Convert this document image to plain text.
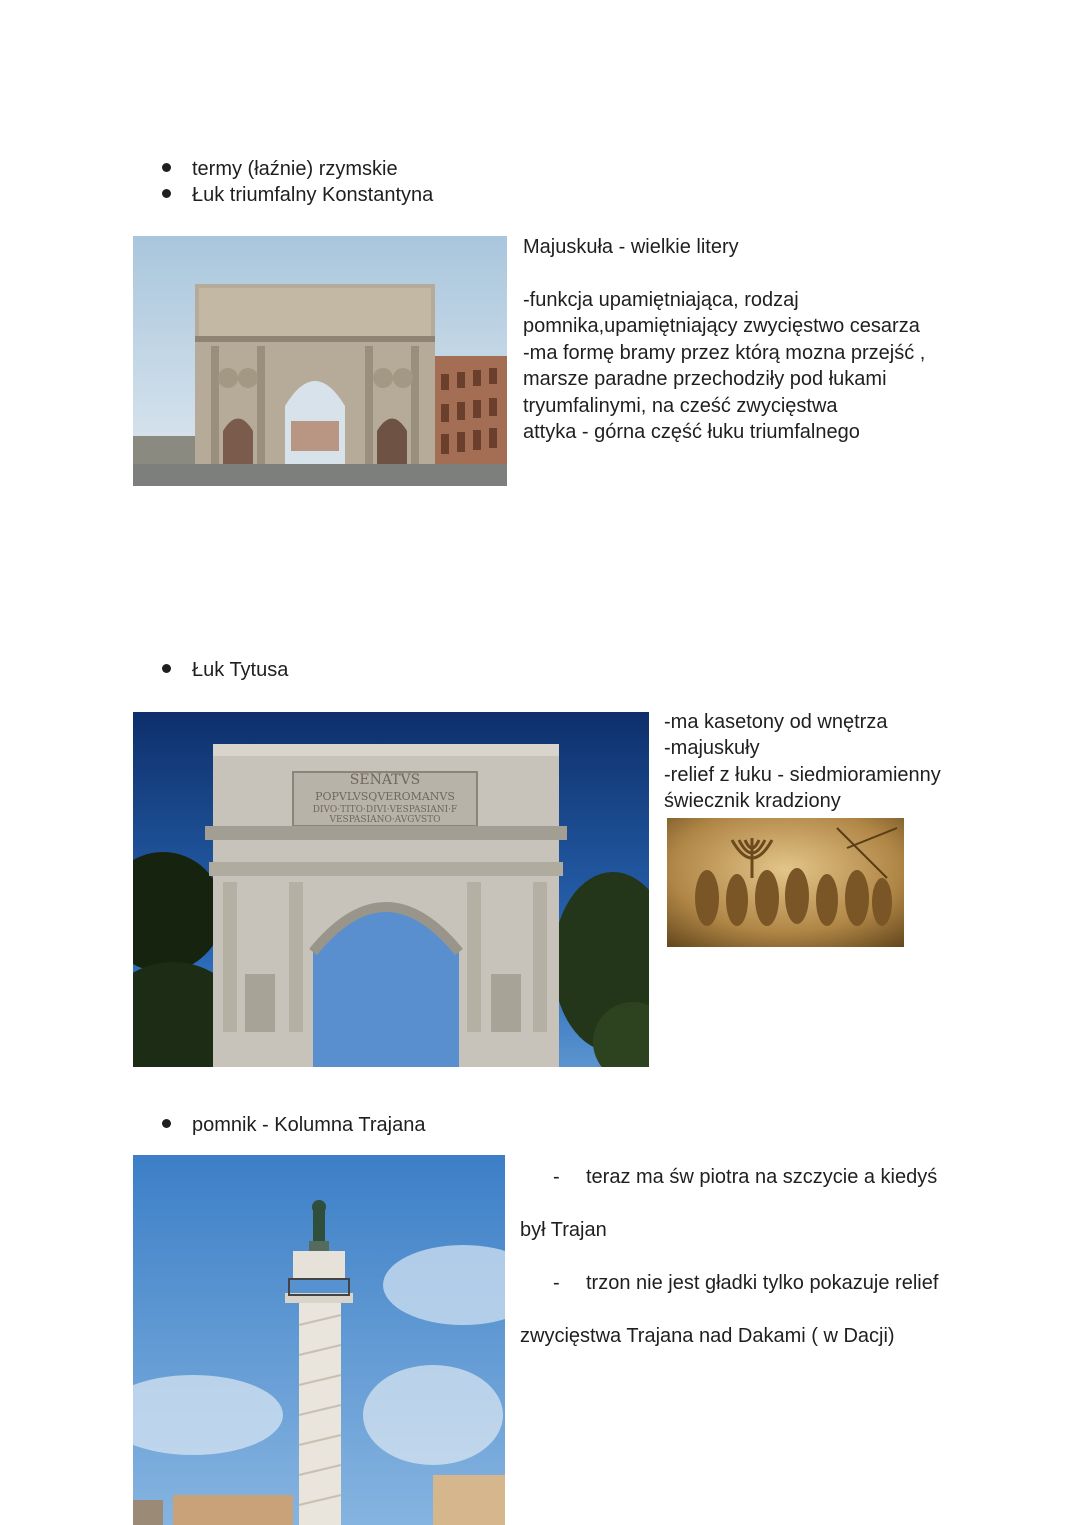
termy (łaźnie) rzymskie
Łuk triumfalny Konstantyna
Majuskuła - wielkie litery
-funkcja upamiętniająca, rodzaj
pomnika,upamiętniający zwycięstwo cesarza
-ma formę bramy przez którą mozna przejść ,
marsze paradne przechodziły pod łukami
tryumfalinymi, na cześć zwycięstwa
attyka - górna część łuku triumfalnego
Łuk Tytusa
SENATVS
POPVLVSQVEROMANVS
DIVO·TITO·DIVI·VESPASIANI·F
VESPASIANO·AVGVSTO
-ma kasetony od wnętrza
-majuskuły
-relief z łuku - siedmioramienny
świecznik kradziony
pomnik - Kolumna Trajana

- teraz ma św piotra na szczycie a kiedyś

był Trajan

- trzon nie jest gładki tylko pokazuje relief

zwycięstwa Trajana nad Dakami ( w Dacji)
